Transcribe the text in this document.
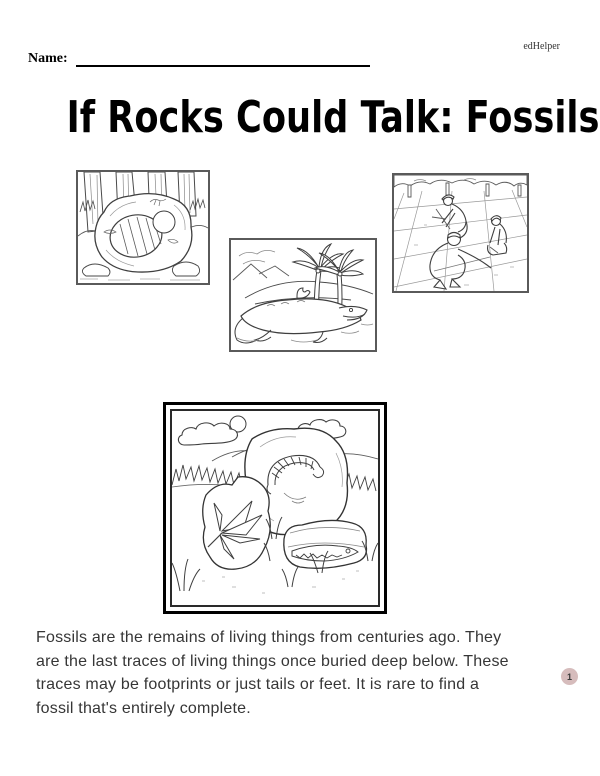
edHelper
Name:
If Rocks Could Talk: Fossils
Fossils are the remains of living things from centuries ago. They
are the last traces of living things once buried deep below. These
traces may be footprints or just tails or feet. It is rare to find a
fossil that's entirely complete.
1
